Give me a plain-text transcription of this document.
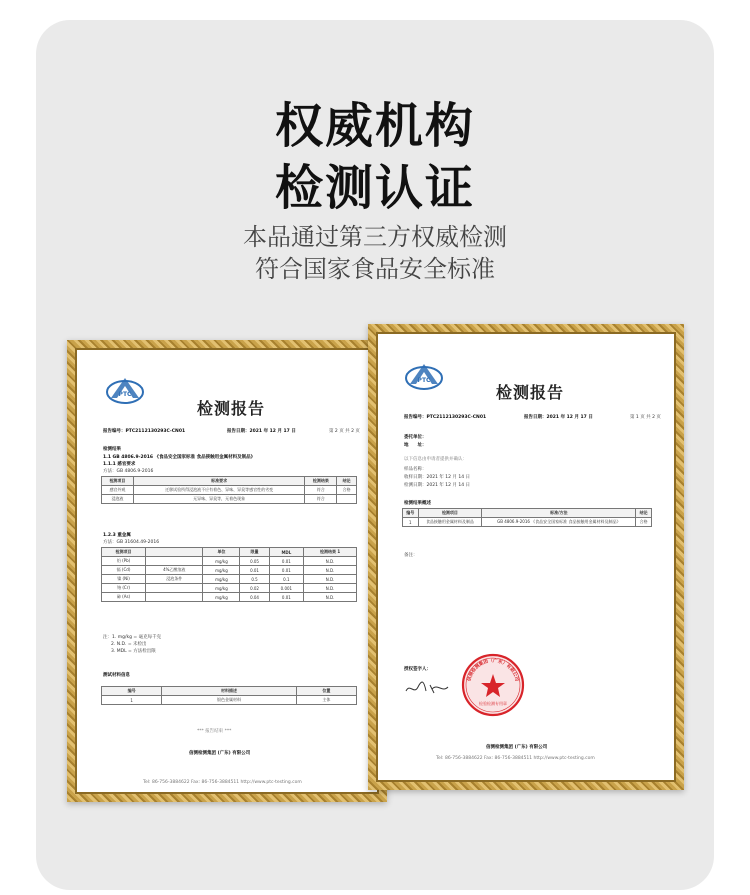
权威机构
检测认证
本品通过第三方权威检测
符合国家食品安全标准
PTC
检测报告
报告编号：PTC2112130293C-CN01	报告日期：2021 年 12 月 17 日	第 2 页 共 2 页
检测结果
1.1 GB 4806.9-2016 《食品安全国家标准 食品接触用金属材料及制品》
1.1.1 感官要求
方法：GB 4806.9-2016
检测项目	标准要求	检测结果	结论
感官外观	迁移试验所得浸泡液不应有着色、异味、异臭等感官性的劣变	符合	合格
浸泡液	无异味、异臭等，无着色现象	符合	
1.2.3 重金属
方法：GB 31604.49-2016
检测项目		单位	限量	MDL	检测结果 1
铅 (Pb)		mg/kg	0.05	0.01	N.D.
镉 (Cd)	4%乙酸溶液	mg/kg	0.01	0.01	N.D.
镍 (Ni)	浸泡条件	mg/kg	0.5	0.1	N.D.
铬 (Cr)		mg/kg	0.02	0.001	N.D.
砷 (As)		mg/kg	0.04	0.01	N.D.
注：1. mg/kg = 毫克每千克
2. N.D. = 未检出
3. MDL = 方法检出限
测试材料信息
编号	材料描述	位置
1	银色金属材料	主体
*** 报告结束 ***
信测检测集团 (广东) 有限公司
Tel: 86-756-3884622 Fax: 86-756-3884511 http://www.ptc-testing.com
PTC
检测报告
报告编号：PTC2112130293C-CN01	报告日期：2021 年 12 月 17 日	第 1 页 共 2 页
委托单位：
地　　址：
以下信息由申请者提供并确认：
样品名称：
收样日期：2021 年 12 月 14 日
检测日期：2021 年 12 月 14 日
检测结果概述
编号	检测项目	标准/方法	结论
1	食品接触用金属材料及制品	GB 4806.9-2016 《食品安全国家标准 食品接触用金属材料及制品》	合格
备注：
授权签字人：
信测检测集团（广东）有限公司
检验检测专用章
信测检测集团 (广东) 有限公司
Tel: 86-756-3884622 Fax: 86-756-3884511 http://www.ptc-testing.com
